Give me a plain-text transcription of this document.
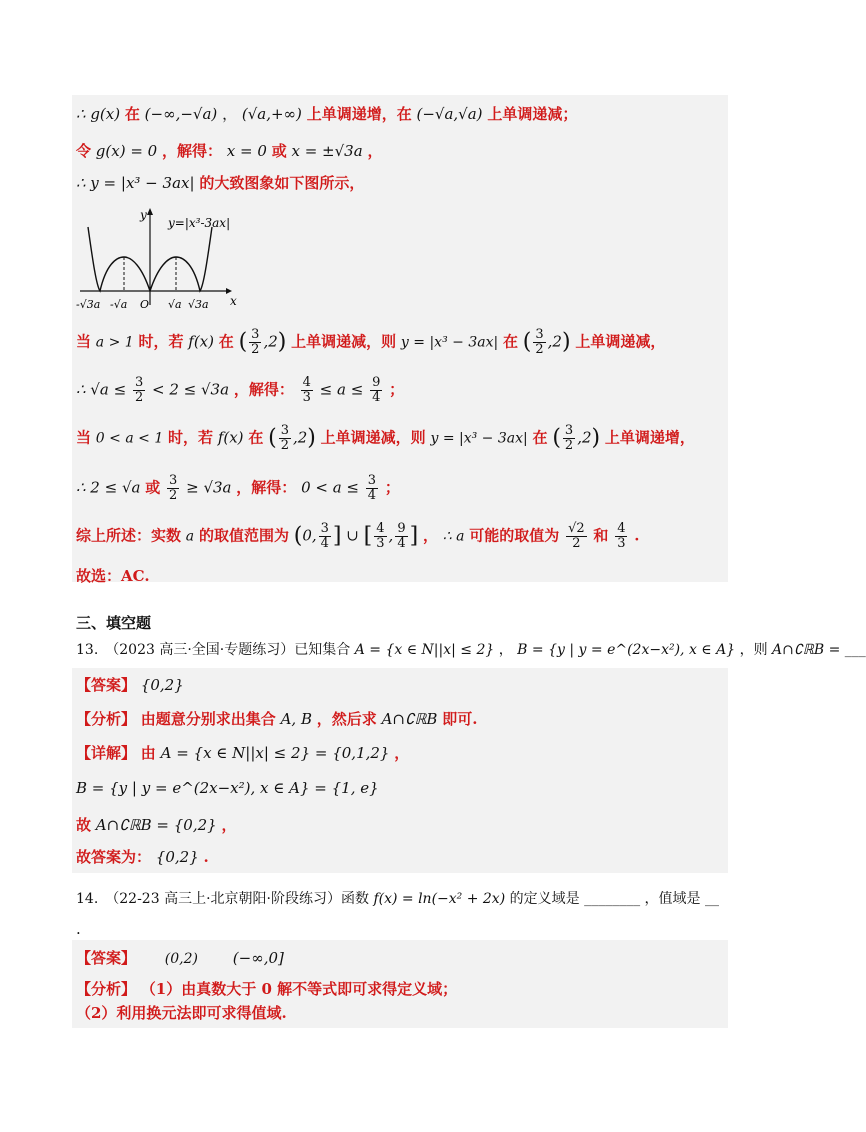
∴ g(x) 在 (−∞,−√a) ， (√a,+∞) 上单调递增，在 (−√a,√a) 上单调递减；
令 g(x) = 0 ，解得： x = 0 或 x = ±√3a ，
∴ y = |x³ − 3ax| 的大致图象如下图所示，
y
y=|x³-3ax|
x
-√3a -√a O √a √3a
当 a > 1 时，若 f(x) 在 ( $\frac{3}{2} ,2$) 上单调递减，则 y = |x³ − 3ax| 在 ( $\frac{3}{2} ,2$) 上单调递减，
∴ $√a \le \frac{3}{2} < 2 \le √3a$ ，解得： $\frac{4}{3} \le a \le \frac{9}{4}$ ；
当 0 < a < 1 时，若 f(x) 在 ( $\frac{3}{2} ,2$) 上单调递减，则 y = |x³ − 3ax| 在 ( $\frac{3}{2} ,2$) 上单调递增，
∴ 2 ≤ √a 或 $\frac{3}{2} \ge √3a$ ，解得： $0 < a \le \frac{3}{4}$ ；
综上所述：实数 a 的取值范围为 (0, $\frac{3}{4}$ ] ∪ [ $\frac{4}{3}$ , $\frac{9}{4}$ ] ， ∴ a 可能的取值为 $\frac{√2}{2}$ 和 $\frac{4}{3}$ .
故选：AC.
三、填空题
13.　（2023 高三·全国·专题练习）已知集合 A = {x ∈ N||x| ≤ 2} ， B = {y | y = e^(2x−x²), x ∈ A} ，则 A∩∁ℝB = ___
【答案】 {0,2}
【分析】 由题意分别求出集合 A, B ，然后求 A∩∁ℝB 即可.
【详解】 由 A = {x ∈ N||x| ≤ 2} = {0,1,2} ，
B = {y | y = e^(2x−x²), x ∈ A} = {1, e}
故 A∩∁ℝB = {0,2} ，
故答案为： {0,2} .
14.　（22-23 高三上·北京朝阳·阶段练习）函数 f(x) = ln(−x² + 2x) 的定义域是 ________ ，值域是 __
.
【答案】 (0,2) (−∞,0]
【分析】 （1）由真数大于 0 解不等式即可求得定义域；
（2）利用换元法即可求得值域.
